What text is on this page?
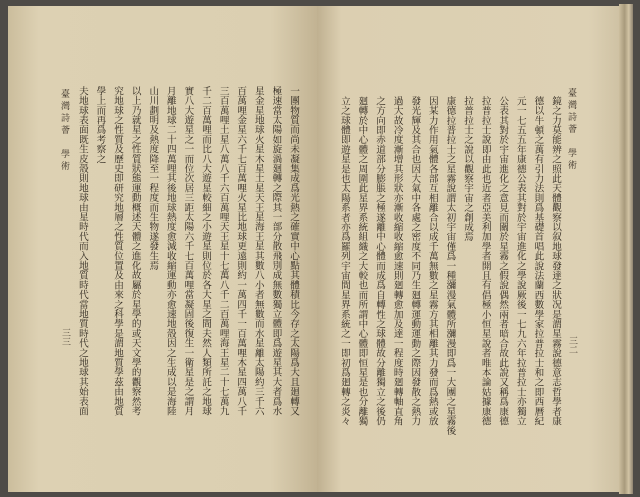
一團物質而尚未凝集成爲光熱之確實中心點其體積比今存之太陽爲大且廻轉又
極速當太陽如旋渦廻轉之際其一部分散飛別成無數獨立體即爲遊星其大者爲水
星金星地球火星木星土星天王星海王星其數八小者無數而水星離太陽約三千六
百萬哩金星六千七百萬哩火星比地球更遠則約一萬四千一百萬哩木星四萬八千
三百萬哩土星八萬八千六百萬哩天王星十七萬八千二百萬哩海王星二十七萬九
千二百萬哩而比八大遊星較細之小遊星則位於各大星之間夫然人類所託之地球
實八大遊星之一而位次居三距太陽六千七百萬哩當凝固後復生一衛星是之謂月
月離地球二十四萬哩其後地球熱度愈減收縮運動亦愈速地殼因之生成以是海陸
山川劃明及熱度降至一程度而生物遂發生焉
以上乃就星之性質狀態運動概述天體之進化故屬於星學的或天文學的觀察然考
究地球之性質及歷史即研究地層之性質位置及由來之科學是謂地質學茲由地質
學上而再爲考察之
夫地球表面既生皮殼則地球由星時代而入地質時代當地質時代之地球其始表面
臺灣詩薈　學術
三三	鏡之力莫能辨之照此天體觀察以叙地球發達之狀况是謂星霧說德意志哲學者康
德以牛頓之萬有引力法則爲基礎首唱此說法蘭西數學家拉普拉士和之即西曆紀
元一七五五年康德公表其對於宇宙進化之學說厥後一七九六年拉普拉士亦獨立
公表其對於宇宙進化之意見而關於星霧之假說偶然兩者暗合故此說又稱爲康德
拉普拉士說即由此也近者亞美利加學者開且有倡極小恒星說者唯本論姑據康德
拉普拉士之說以觀察宇宙之創成焉
康德拉普拉士之星霧說謂太初宇宙僅爲一種瀰漫氣體所瀰漫即爲一大團之星霧後
因某力作用氣體各部互相離合以成千萬無數之星霧方其相離其力發而爲熱或放
發光輝及其合也因大氣中各處之密度不同乃生廻轉運動運動之際因發散之熱力
過大故冷度漸增其形狀亦漸收縮收縮愈速則廻轉愈加及達一程度時廻轉軸直角
之方向即赤道部分膨脹之極遂離中心體而成爲自轉性之球體故分離獨立之後仍
廻轉於中心體之周圍此星界系統組織之大較也而所謂中心體即恒星是也分離獨
立之球體即遊星是也太陽系者亦爲羅列宇宙間星界系統之一即初爲廻轉之炎々	臺灣詩薈　學術
三二
